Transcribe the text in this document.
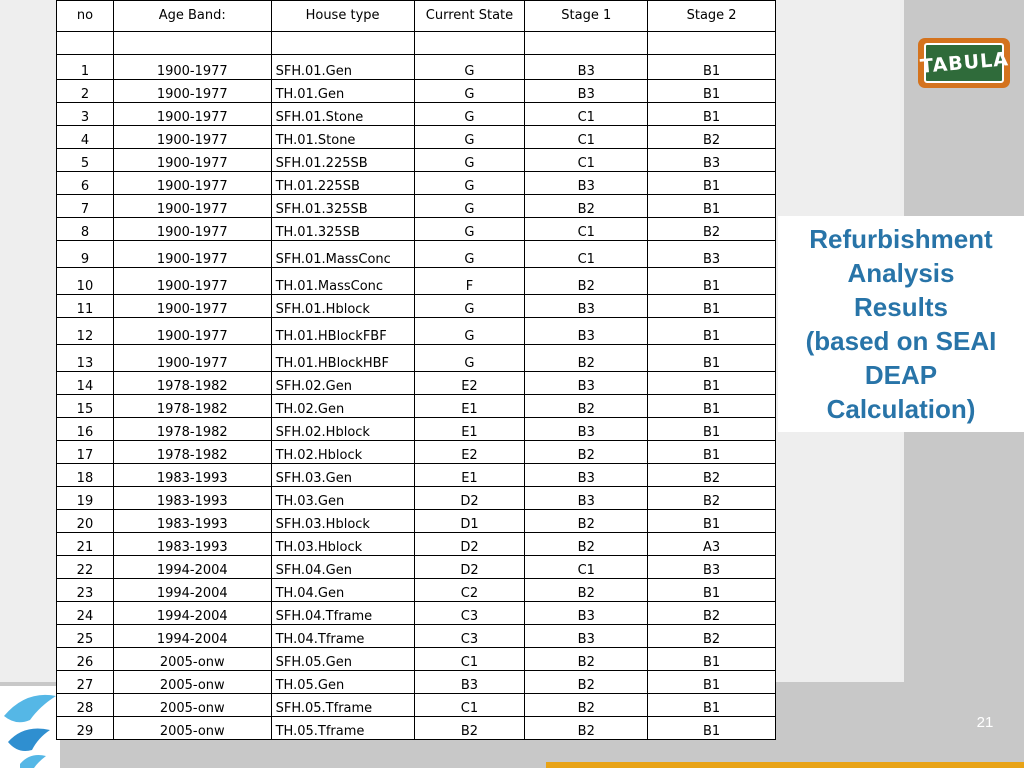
TABULA

Refurbishment
Analysis
Results
(based on SEAI
DEAP
Calculation)

21
no	Age Band:	House type	Current State	Stage 1	Stage 2

1	1900-1977	SFH.01.Gen	G	B3	B1
2	1900-1977	TH.01.Gen	G	B3	B1
3	1900-1977	SFH.01.Stone	G	C1	B1
4	1900-1977	TH.01.Stone	G	C1	B2
5	1900-1977	SFH.01.225SB	G	C1	B3
6	1900-1977	TH.01.225SB	G	B3	B1
7	1900-1977	SFH.01.325SB	G	B2	B1
8	1900-1977	TH.01.325SB	G	C1	B2
9	1900-1977	SFH.01.MassConc	G	C1	B3
10	1900-1977	TH.01.MassConc	F	B2	B1
11	1900-1977	SFH.01.Hblock	G	B3	B1
12	1900-1977	TH.01.HBlockFBF	G	B3	B1
13	1900-1977	TH.01.HBlockHBF	G	B2	B1
14	1978-1982	SFH.02.Gen	E2	B3	B1
15	1978-1982	TH.02.Gen	E1	B2	B1
16	1978-1982	SFH.02.Hblock	E1	B3	B1
17	1978-1982	TH.02.Hblock	E2	B2	B1
18	1983-1993	SFH.03.Gen	E1	B3	B2
19	1983-1993	TH.03.Gen	D2	B3	B2
20	1983-1993	SFH.03.Hblock	D1	B2	B1
21	1983-1993	TH.03.Hblock	D2	B2	A3
22	1994-2004	SFH.04.Gen	D2	C1	B3
23	1994-2004	TH.04.Gen	C2	B2	B1
24	1994-2004	SFH.04.Tframe	C3	B3	B2
25	1994-2004	TH.04.Tframe	C3	B3	B2
26	2005-onw	SFH.05.Gen	C1	B2	B1
27	2005-onw	TH.05.Gen	B3	B2	B1
28	2005-onw	SFH.05.Tframe	C1	B2	B1
29	2005-onw	TH.05.Tframe	B2	B2	B1
